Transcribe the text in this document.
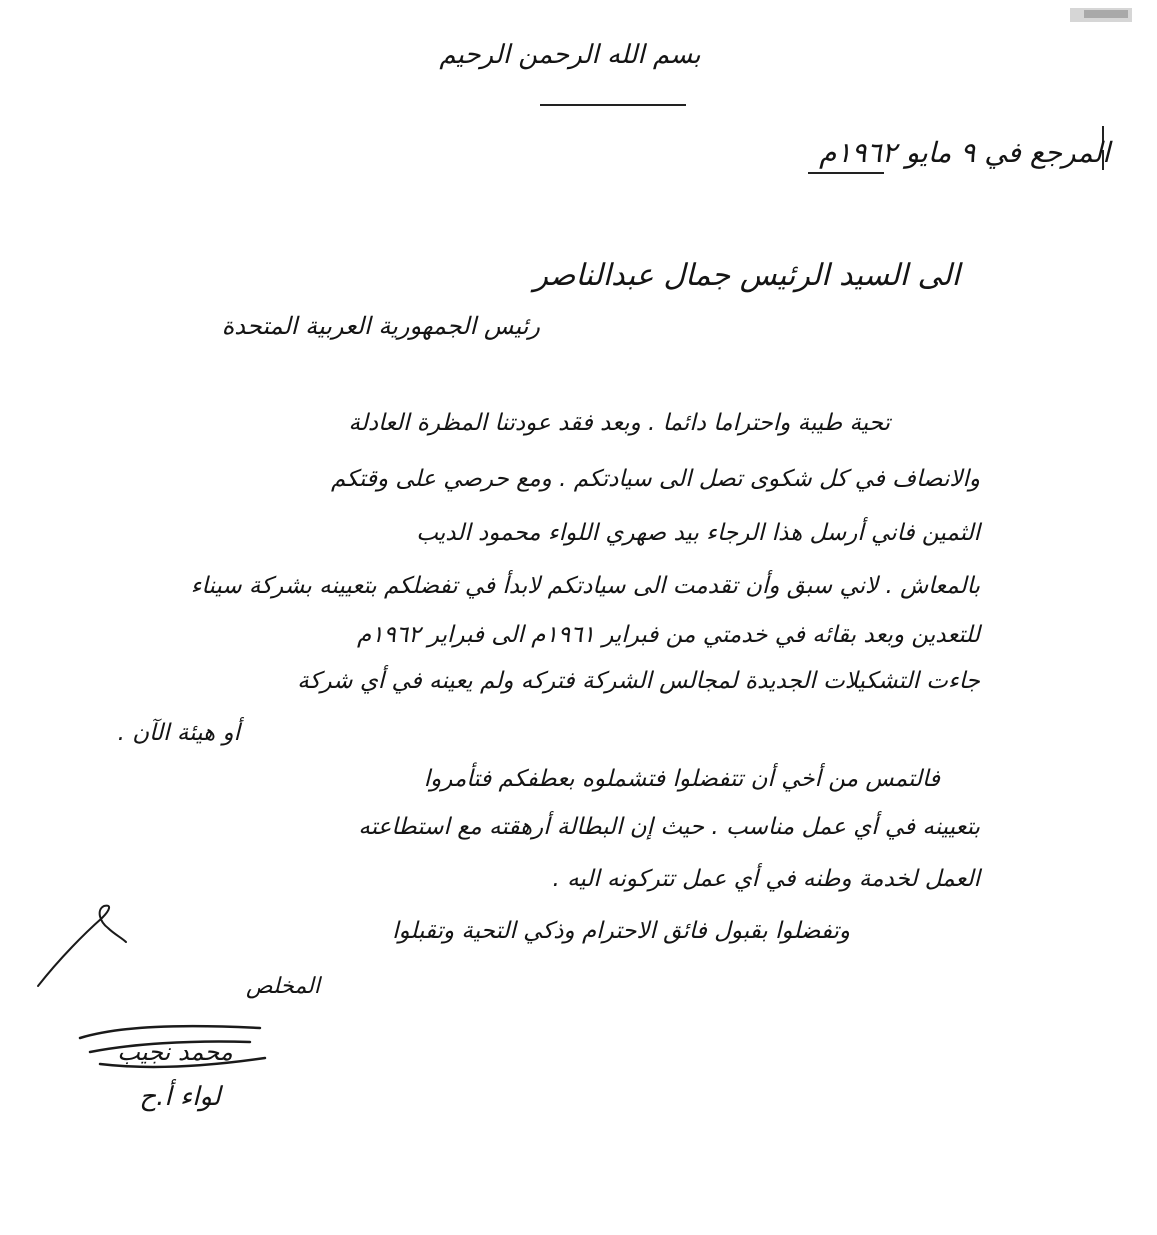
بسم الله الرحمن الرحيم
المرجع في ٩ مايو ١٩٦٢م
الى السيد الرئيس جمال عبدالناصر
رئيس الجمهورية العربية المتحدة
تحية طيبة واحتراما دائما . وبعد فقد عودتنا المظرة العادلة
والانصاف في كل شكوى تصل الى سيادتكم . ومع حرصي على وقتكم
الثمين فاني أرسل هذا الرجاء بيد صهري اللواء محمود الديب
بالمعاش . لاني سبق وأن تقدمت الى سيادتكم لابدأ في تفضلكم بتعيينه بشركة سيناء
للتعدين وبعد بقائه في خدمتي من فبراير ١٩٦١م الى فبراير ١٩٦٢م
جاءت التشكيلات الجديدة لمجالس الشركة فتركه ولم يعينه في أي شركة
أو هيئة الآن .
فالتمس من أخي أن تتفضلوا فتشملوه بعطفكم فتأمروا
بتعيينه في أي عمل مناسب . حيث إن البطالة أرهقته مع استطاعته
العمل لخدمة وطنه في أي عمل تتركونه اليه .
وتفضلوا بقبول فائق الاحترام وذكي التحية وتقبلوا
المخلص
محمد نجيب
لواء أ.ح
